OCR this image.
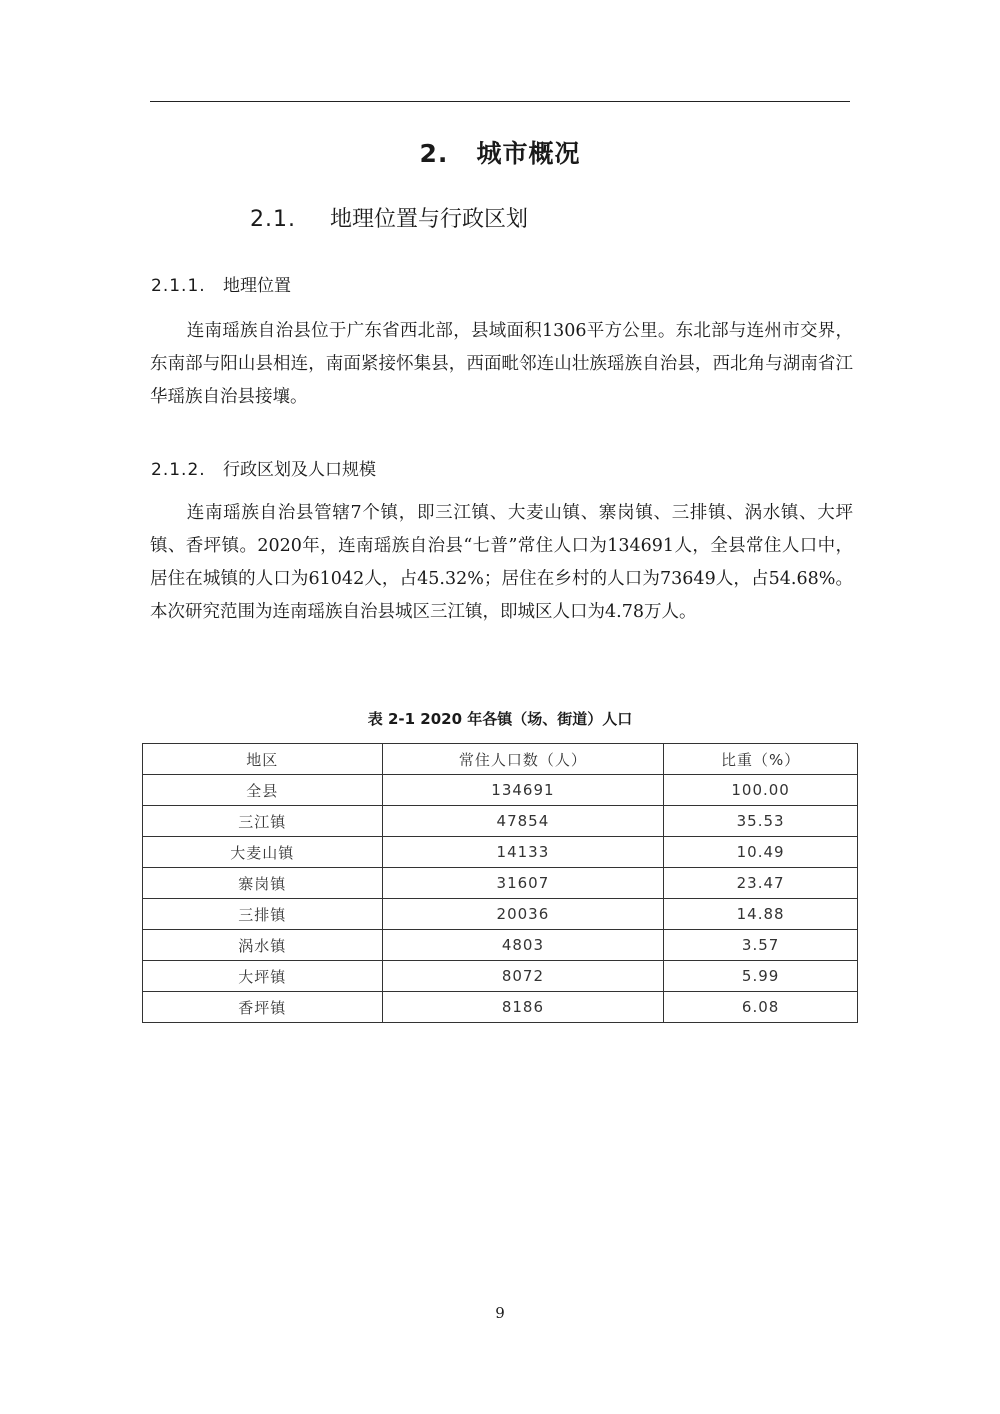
2. 城市概况
2.1. 地理位置与行政区划
2.1.1. 地理位置

连南瑶族自治县位于广东省西北部，县域面积1306平方公里。东北部与连州市交界，东南部与阳山县相连，南面紧接怀集县，西面毗邻连山壮族瑶族自治县，西北角与湖南省江华瑶族自治县接壤。

2.1.2. 行政区划及人口规模

连南瑶族自治县管辖7个镇，即三江镇、大麦山镇、寨岗镇、三排镇、涡水镇、大坪镇、香坪镇。2020年，连南瑶族自治县“七普”常住人口为134691人，全县常住人口中，居住在城镇的人口为61042人，占45.32%；居住在乡村的人口为73649人，占54.68%。本次研究范围为连南瑶族自治县城区三江镇，即城区人口为4.78万人。

表 2-1 2020 年各镇（场、街道）人口
地区	常住人口数（人）	比重（%）
全县	134691	100.00
三江镇	47854	35.53
大麦山镇	14133	10.49
寨岗镇	31607	23.47
三排镇	20036	14.88
涡水镇	4803	3.57
大坪镇	8072	5.99
香坪镇	8186	6.08
9
